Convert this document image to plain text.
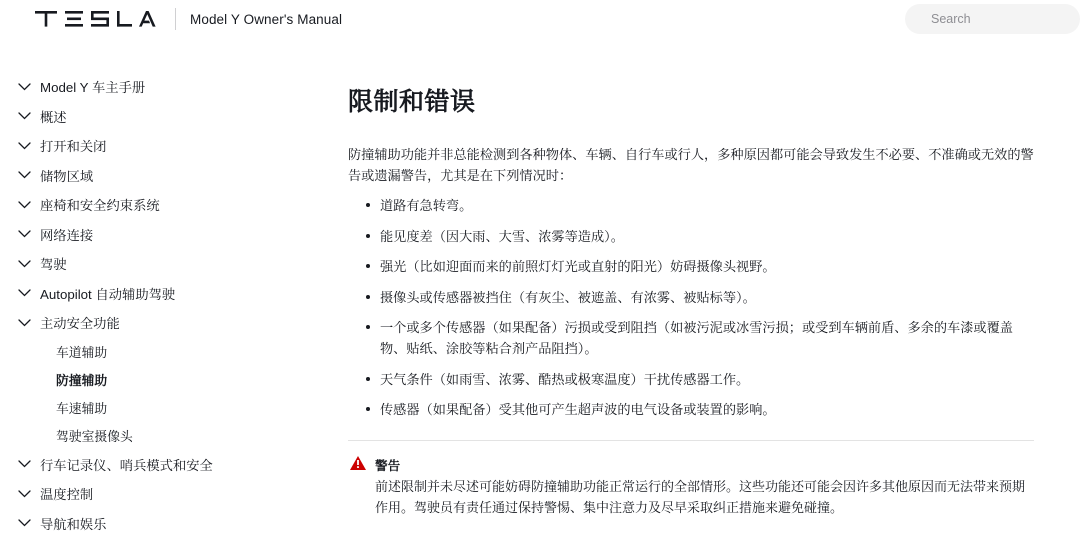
Model Y Owner's Manual
Search
Model Y 车主手册
概述
打开和关闭
储物区域
座椅和安全约束系统
网络连接
驾驶
Autopilot 自动辅助驾驶
主动安全功能
车道辅助
防撞辅助
车速辅助
驾驶室摄像头
行车记录仪、哨兵模式和安全
温度控制
导航和娱乐
限制和错误

防撞辅助功能并非总能检测到各种物体、车辆、自行车或行人，多种原因都可能会导致发生不必要、不准确或无效的警告或遗漏警告，尤其是在下列情况时：

道路有急转弯。
能见度差（因大雨、大雪、浓雾等造成）。
强光（比如迎面而来的前照灯灯光或直射的阳光）妨碍摄像头视野。
摄像头或传感器被挡住（有灰尘、被遮盖、有浓雾、被贴标等）。
一个或多个传感器（如果配备）污损或受到阻挡（如被污泥或冰雪污损；或受到车辆前盾、多余的车漆或覆盖物、贴纸、涂胶等粘合剂产品阻挡）。
天气条件（如雨雪、浓雾、酷热或极寒温度）干扰传感器工作。
传感器（如果配备）受其他可产生超声波的电气设备或装置的影响。

警告

前述限制并未尽述可能妨碍防撞辅助功能正常运行的全部情形。这些功能还可能会因许多其他原因而无法带来预期作用。驾驶员有责任通过保持警惕、集中注意力及尽早采取纠正措施来避免碰撞。
